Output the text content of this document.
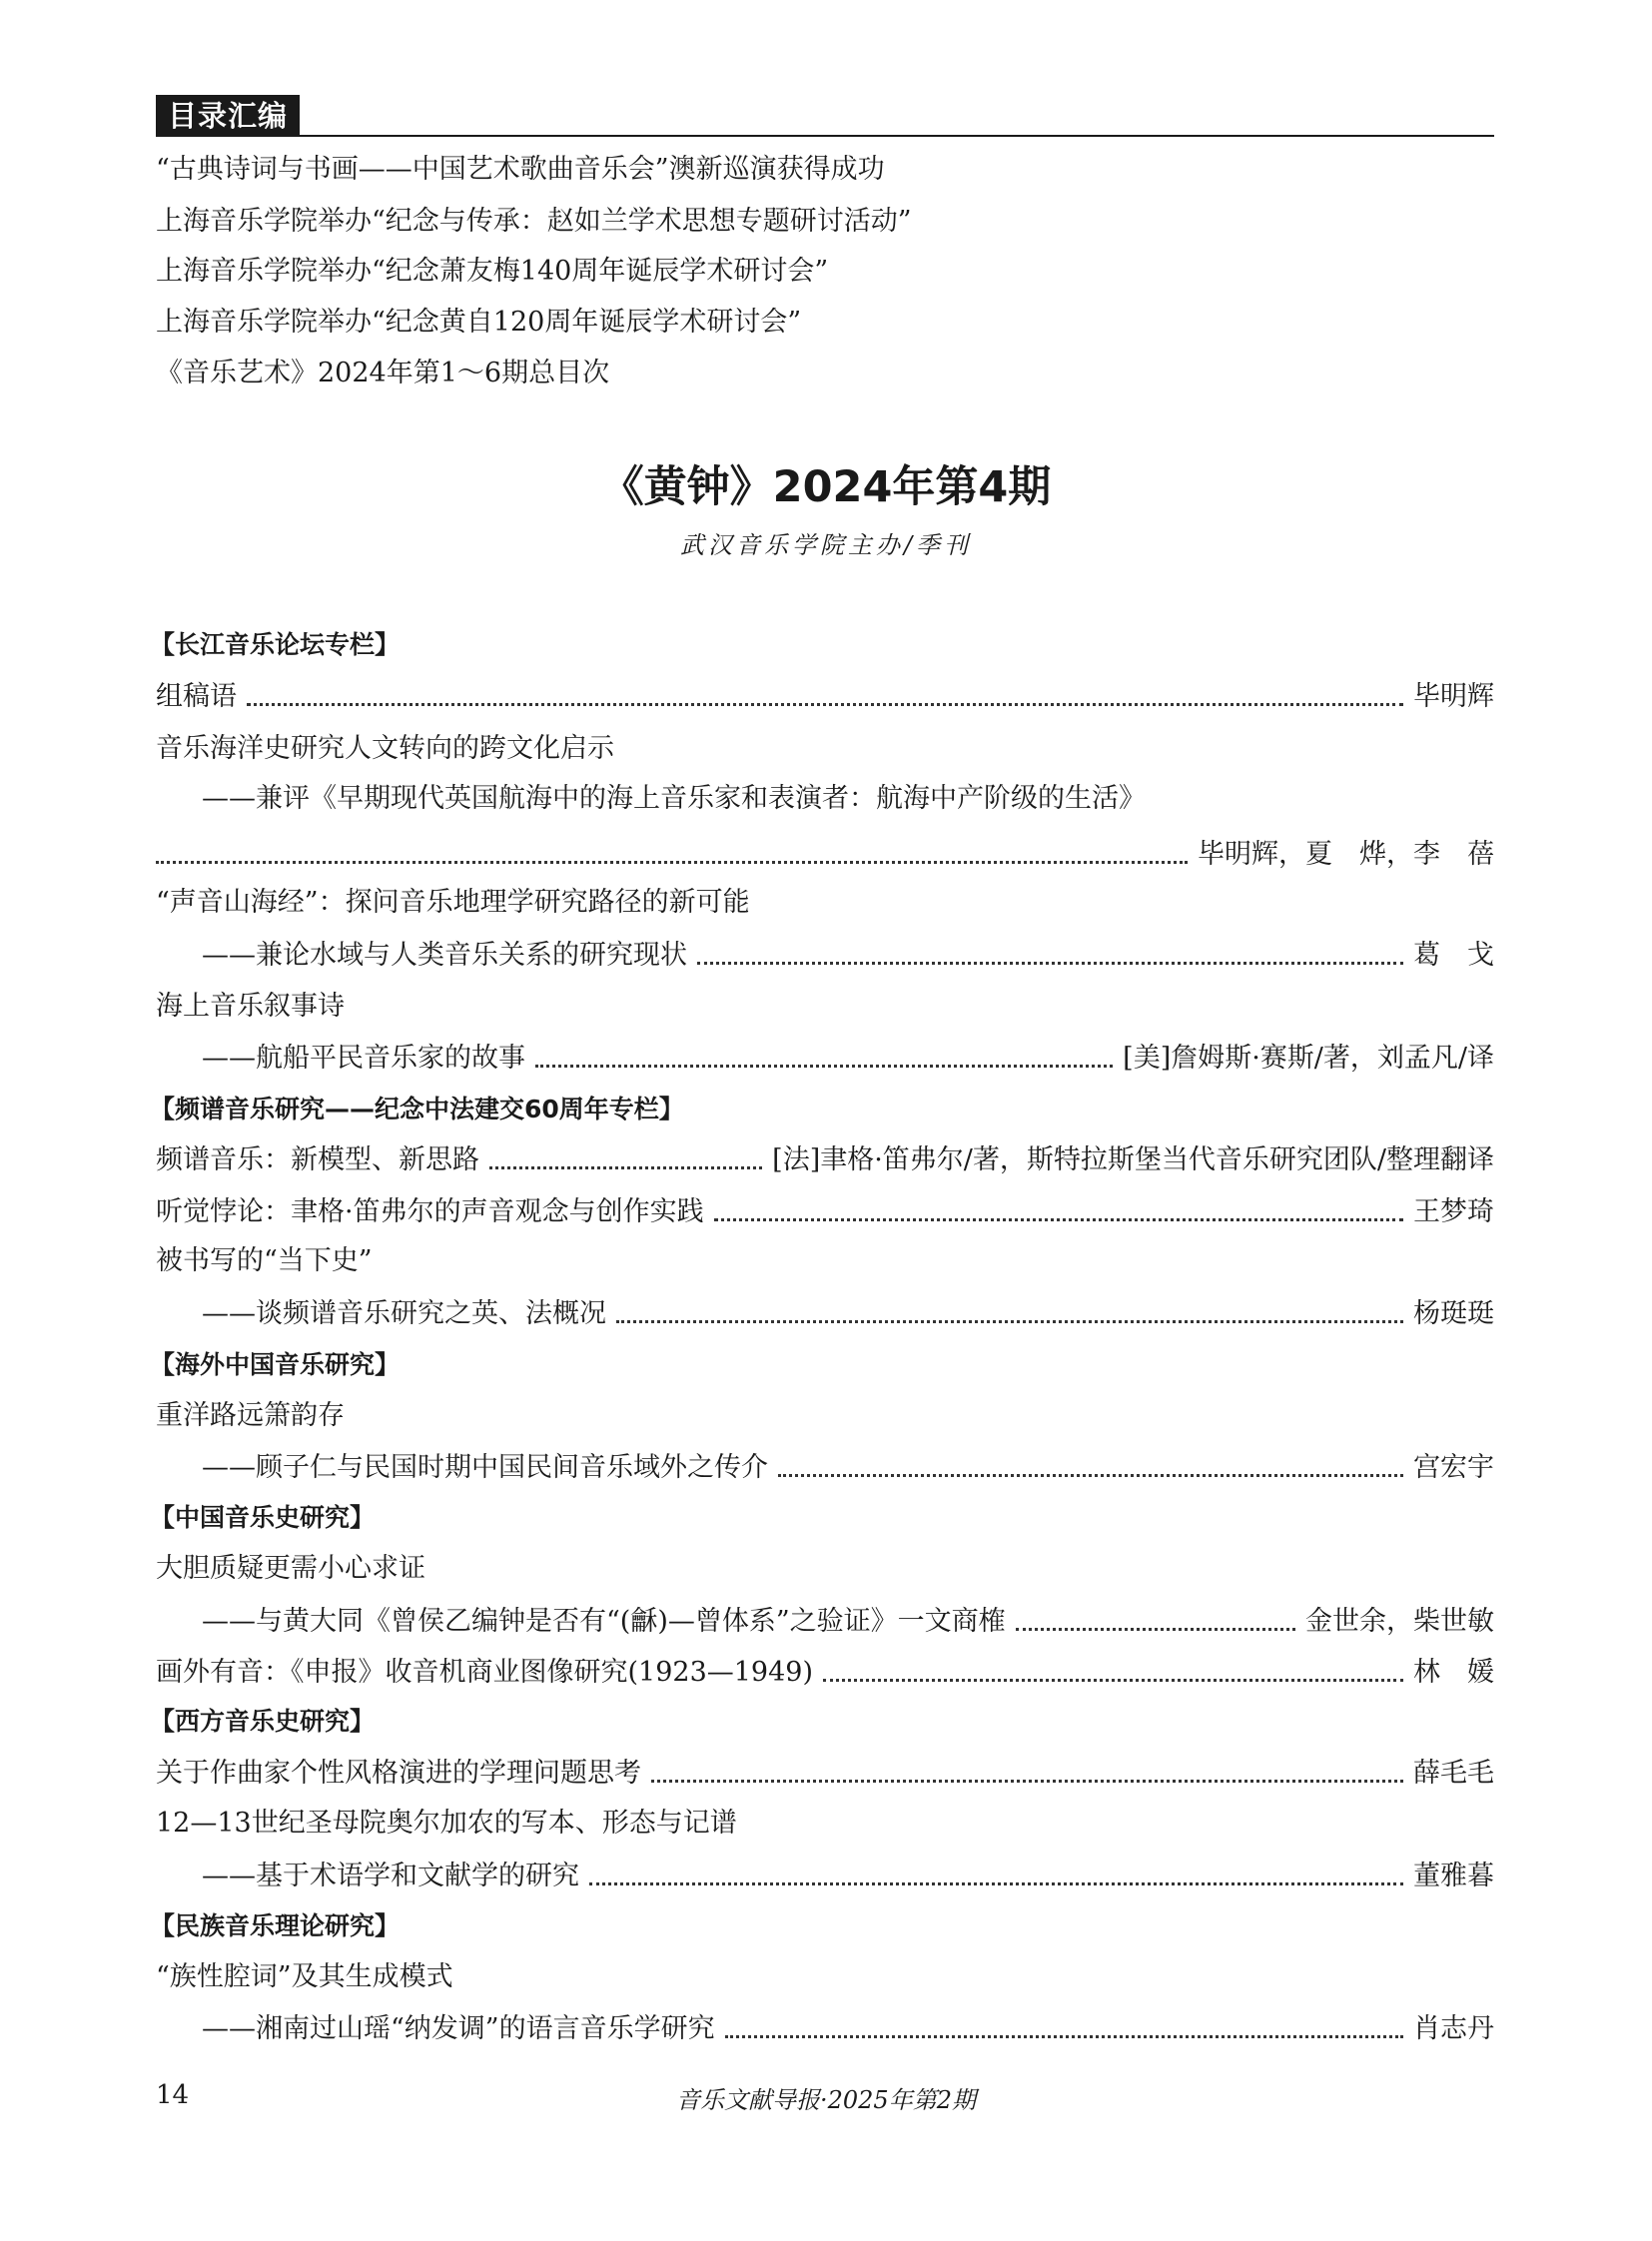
目录汇编
“古典诗词与书画——中国艺术歌曲音乐会”澳新巡演获得成功
上海音乐学院举办“纪念与传承：赵如兰学术思想专题研讨活动”
上海音乐学院举办“纪念萧友梅140周年诞辰学术研讨会”
上海音乐学院举办“纪念黄自120周年诞辰学术研讨会”
《音乐艺术》2024年第1～6期总目次
《黄钟》2024年第4期
武汉音乐学院主办/季刊
【长江音乐论坛专栏】
组稿语	毕明辉
音乐海洋史研究人文转向的跨文化启示
——兼评《早期现代英国航海中的海上音乐家和表演者：航海中产阶级的生活》
毕明辉，夏　烨，李　蓓
“声音山海经”：探问音乐地理学研究路径的新可能
——兼论水域与人类音乐关系的研究现状	葛　戈
海上音乐叙事诗
——航船平民音乐家的故事	[美]詹姆斯·赛斯/著，刘孟凡/译
【频谱音乐研究——纪念中法建交60周年专栏】
频谱音乐：新模型、新思路	[法]聿格·笛弗尔/著，斯特拉斯堡当代音乐研究团队/整理翻译
听觉悖论：聿格·笛弗尔的声音观念与创作实践	王梦琦
被书写的“当下史”
——谈频谱音乐研究之英、法概况	杨珽珽
【海外中国音乐研究】
重洋路远箫韵存
——顾子仁与民国时期中国民间音乐域外之传介	宫宏宇
【中国音乐史研究】
大胆质疑更需小心求证
——与黄大同《曾侯乙编钟是否有“(龢)—曾体系”之验证》一文商榷	金世余，柴世敏
画外有音：《申报》收音机商业图像研究(1923—1949)	林　媛
【西方音乐史研究】
关于作曲家个性风格演进的学理问题思考	薛毛毛
12—13世纪圣母院奥尔加农的写本、形态与记谱
——基于术语学和文献学的研究	董雅暮
【民族音乐理论研究】
“族性腔词”及其生成模式
——湘南过山瑶“纳发调”的语言音乐学研究	肖志丹
14	音乐文献导报·2025年第2期
